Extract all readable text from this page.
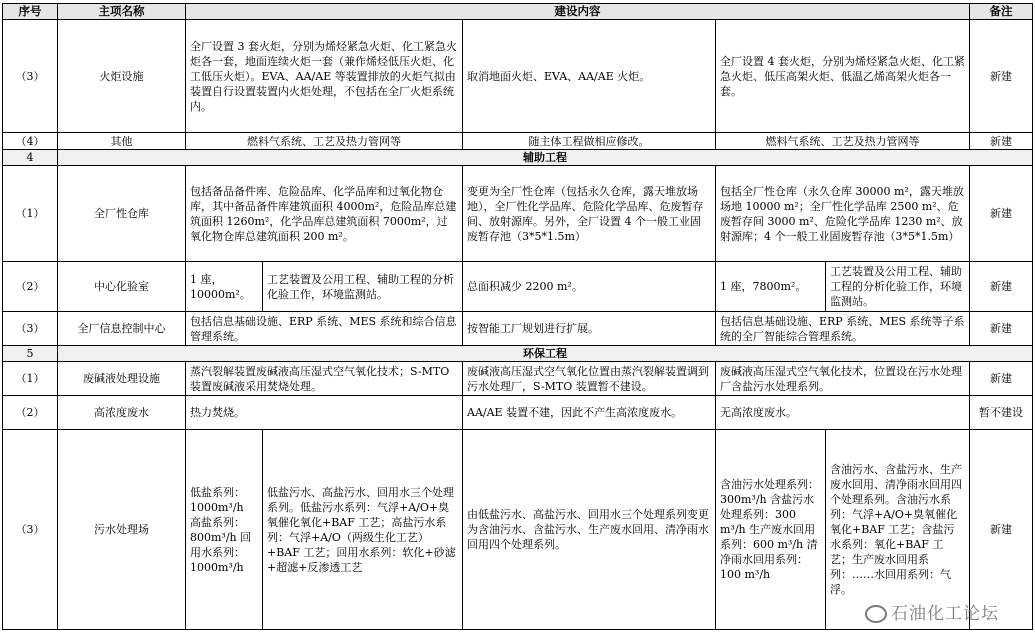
序号	主项名称	建设内容					备注
（3）	火炬设施	全厂设置 3 套火炬，分别为烯烃紧急火炬、化工紧急火炬各一套，地面连续火炬一套（兼作烯烃低压火炬、化工低压火炬）。EVA、AA/AE 等装置排放的火炬气拟由装置自行设置装置内火炬处理，不包括在全厂火炬系统内。		取消地面火炬、EVA、AA/AE 火炬。	全厂设置 4 套火炬，分别为烯烃紧急火炬、化工紧急火炬、低压高架火炬、低温乙烯高架火炬各一套。		新建
（4）	其他	燃料气系统、工艺及热力管网等		随主体工程做相应修改。	燃料气系统、工艺及热力管网等		新建
4	辅助工程						
（1）	全厂性仓库	包括备品备件库、危险品库、化学品库和过氧化物仓库，其中备品备件库建筑面积 4000m²，危险品库总建筑面积 1260m²，化学品库总建筑面积 7000m²，过氧化物仓库总建筑面积 200 m²。		变更为全厂性仓库（包括永久仓库，露天堆放场地），全厂性化学品库、危险化学品库、危废暂存间、放射源库。另外，全厂设置 4 个一般工业固废暂存池（3*5*1.5m）	包括全厂性仓库（永久仓库 30000 m²，露天堆放场地 10000 m²；全厂性化学品库 2500 m²、危废暂存间 3000 m²、危险化学品库 1230 m²、放射源库；4 个一般工业固废暂存池（3*5*1.5m）		新建
（2）	中心化验室	1 座，10000m²。	工艺装置及公用工程、辅助工程的分析化验工作，环境监测站。	总面积减少 2200 m²。	1 座，7800m²。	工艺装置及公用工程、辅助工程的分析化验工作，环境监测站。	新建
（3）	全厂信息控制中心	包括信息基础设施、ERP 系统、MES 系统和综合信息管理系统。		按智能工厂规划进行扩展。	包括信息基础设施、ERP 系统、MES 系统等子系统的全厂智能综合管理系统。		新建
5	环保工程						
（1）	废碱液处理设施	蒸汽裂解装置废碱液高压湿式空气氧化技术；S-MTO 装置废碱液采用焚烧处理。		废碱液高压湿式空气氧化位置由蒸汽裂解装置调到污水处理厂，S-MTO 装置暂不建设。	废碱液高压湿式空气氧化技术，位置设在污水处理厂含盐污水处理系列。		新建
（2）	高浓度废水	热力焚烧。		AA/AE 装置不建，因此不产生高浓度废水。	无高浓度废水。		暂不建设
（3）	污水处理场	低盐系列：1000m³/h 高盐系列：800m³/h 回用水系列：1000m³/h	低盐污水、高盐污水、回用水三个处理系列。低盐污水系列：气浮+A/O+臭氧催化氧化+BAF 工艺；高盐污水系列：气浮+A/O（两级生化工艺）+BAF 工艺；回用水系列：软化+砂滤+超滤+反渗透工艺	由低盐污水、高盐污水、回用水三个处理系列变更为含油污水、含盐污水、生产废水回用、清净雨水回用四个处理系列。	含油污水处理系列：300m³/h 含盐污水处理系列：300 m³/h 生产废水回用系列：600 m³/h 清净雨水回用系列：100 m³/h	含油污水、含盐污水、生产废水回用、清净雨水回用四个处理系列。含油污水系列：气浮+A/O+臭氧催化氧化+BAF 工艺；含盐污水系列：氧化+BAF 工艺；生产废水回用系列：……水回用系列：气浮。	新建
石油化工论坛
